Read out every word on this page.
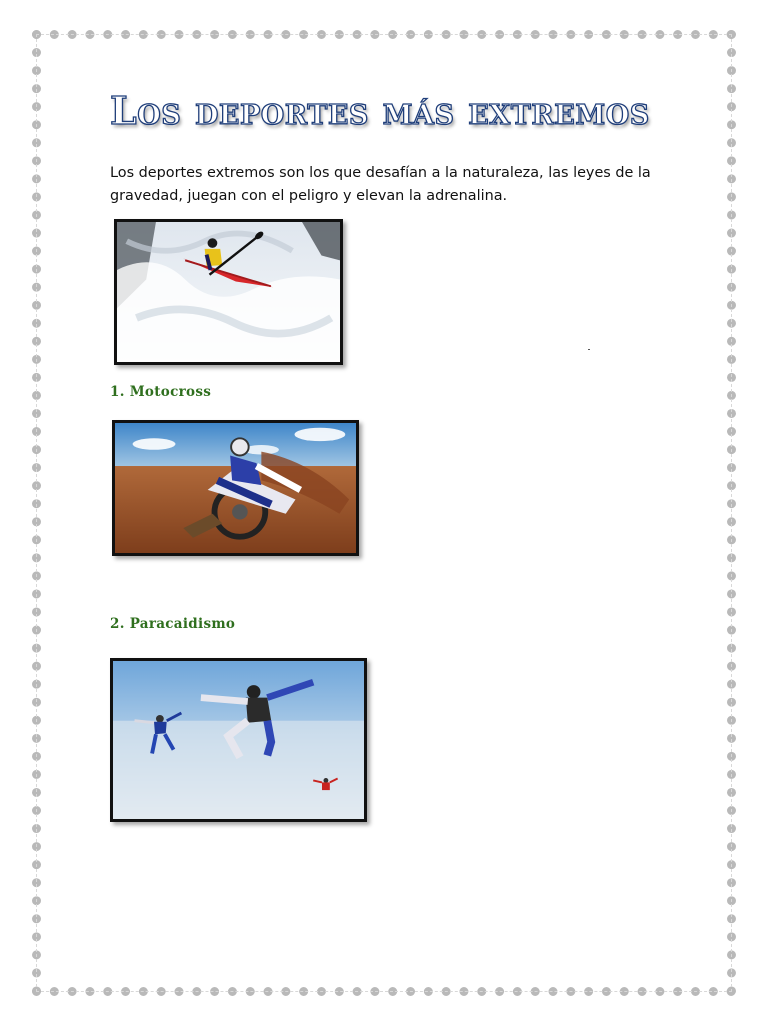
Los deportes más extremos

Los deportes extremos son los que desafían a la naturaleza, las leyes de la gravedad, juegan con el peligro y elevan la adrenalina.

1. Motocross
2. Paracaidismo
